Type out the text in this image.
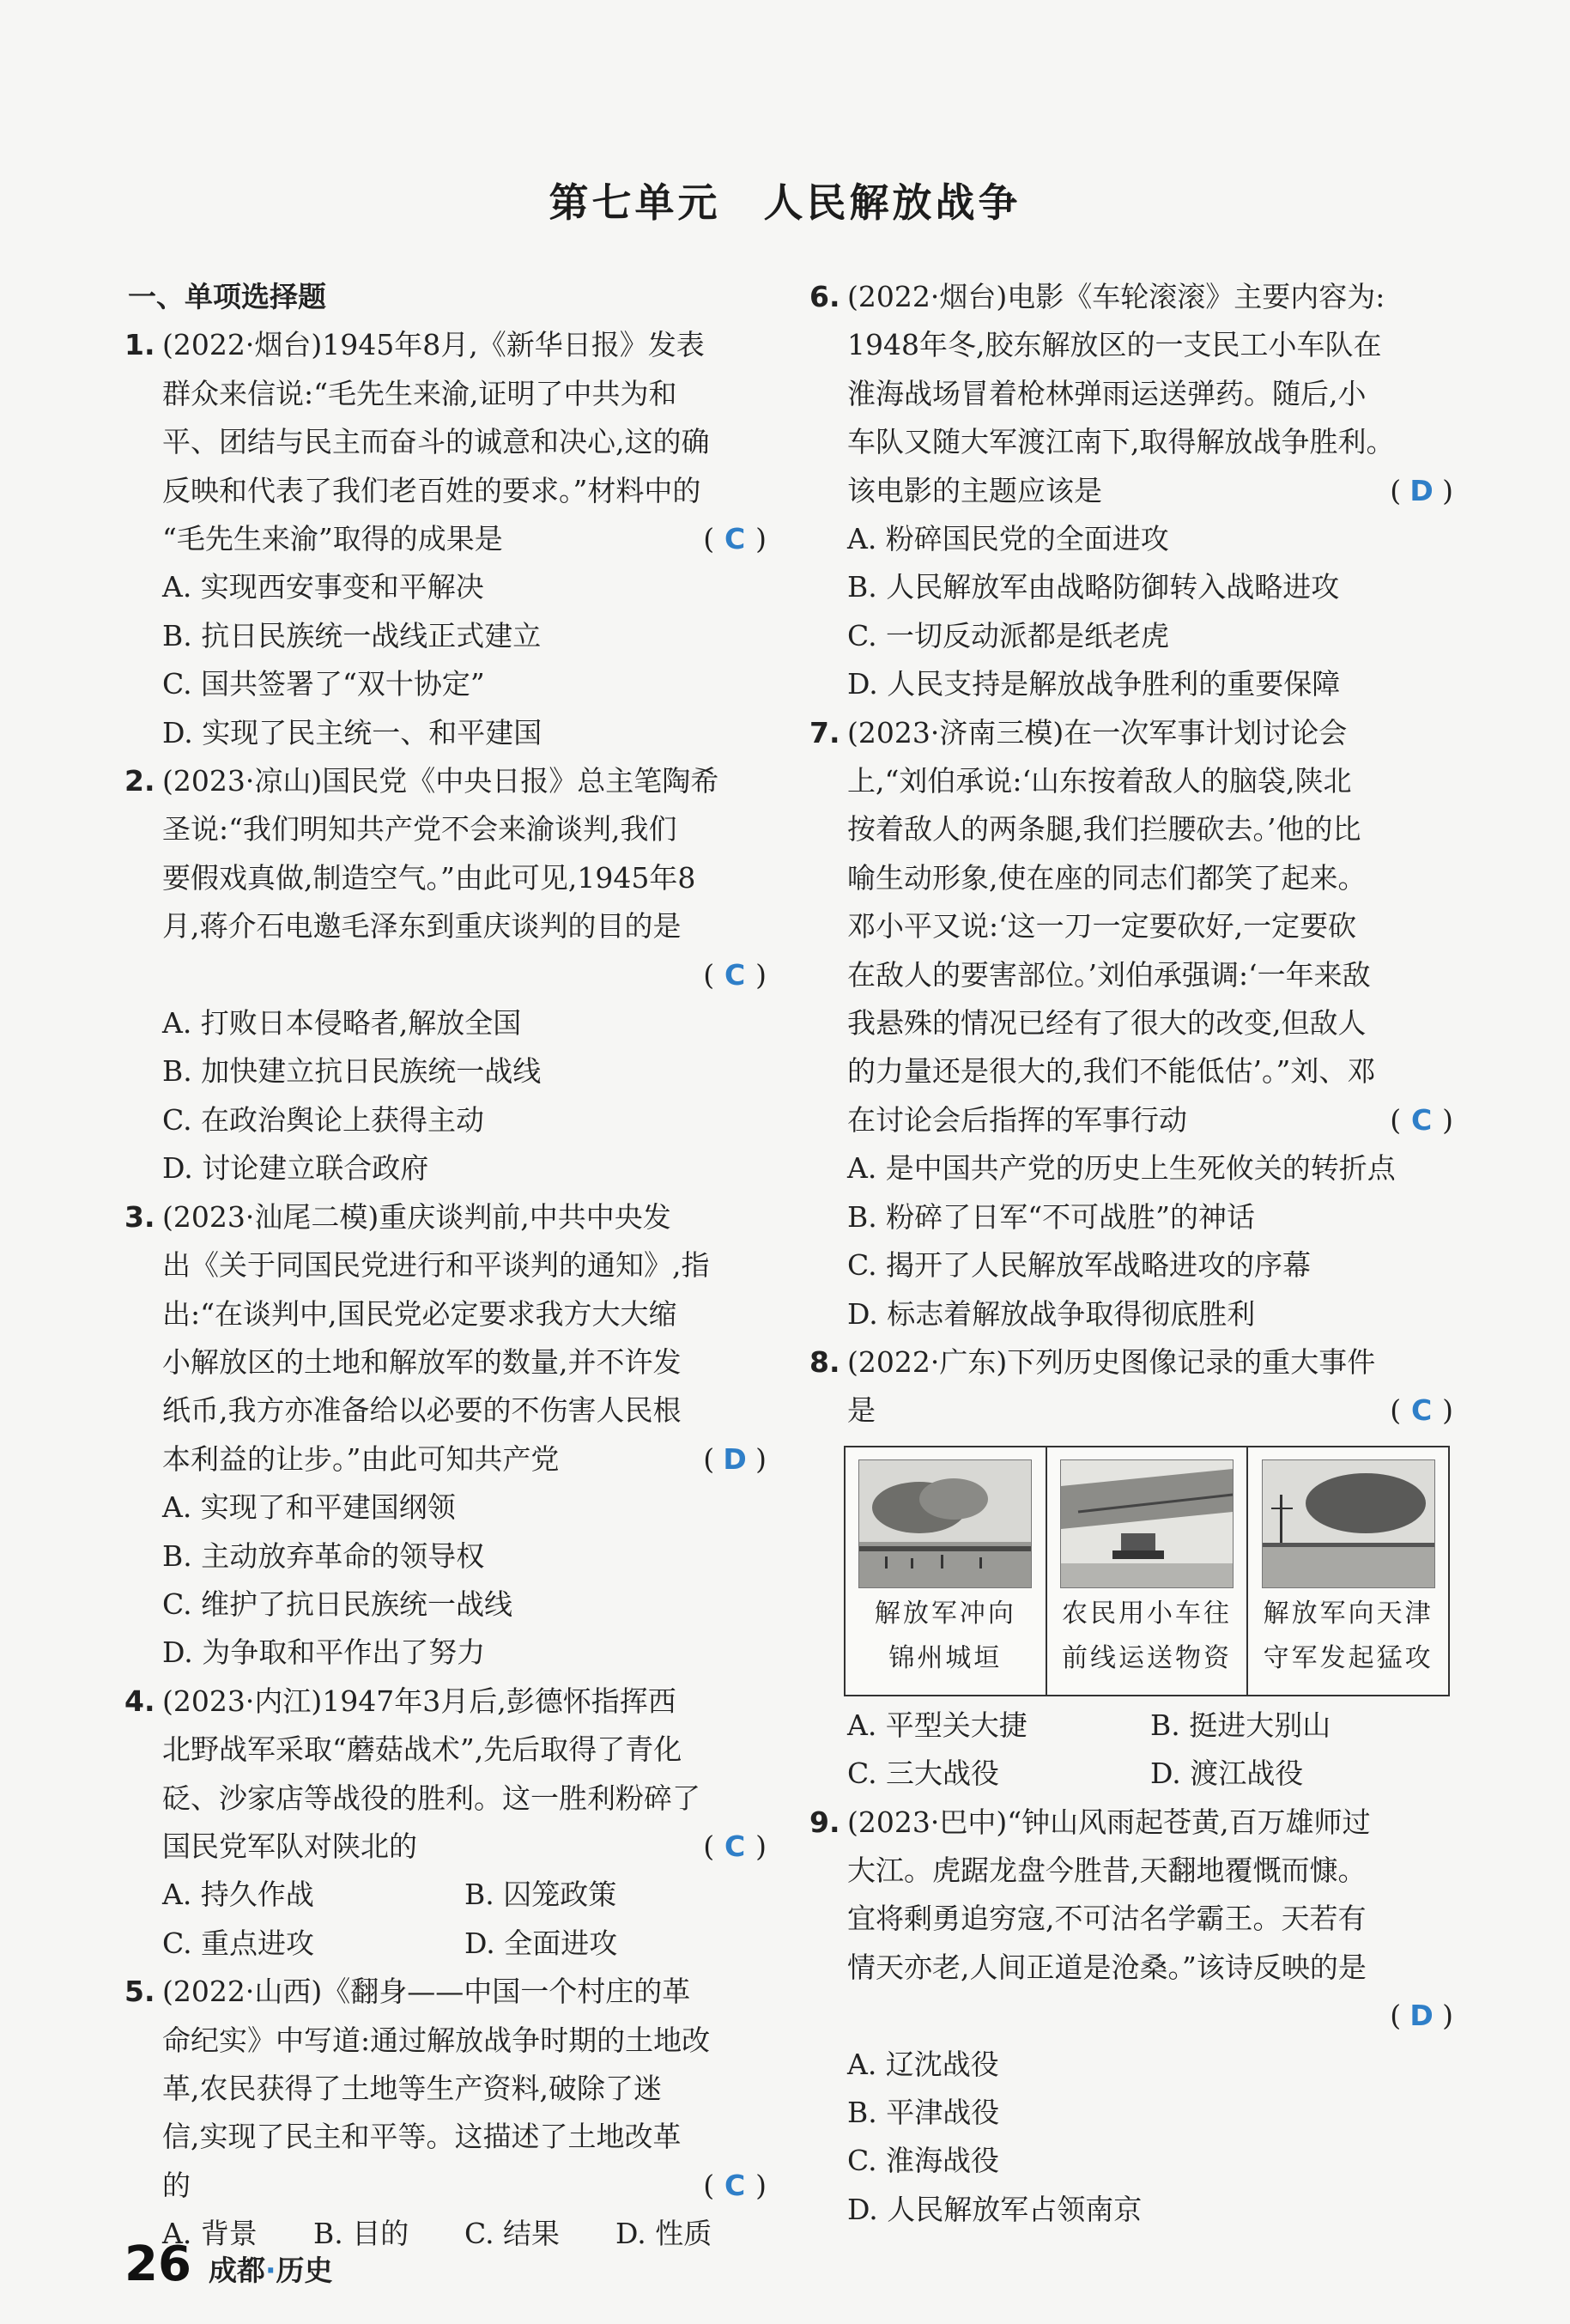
第七单元　人民解放战争
一、单项选择题
1. (2022·烟台)1945年8月,《新华日报》发表
群众来信说:“毛先生来渝,证明了中共为和
平、团结与民主而奋斗的诚意和决心,这的确
反映和代表了我们老百姓的要求。”材料中的
“毛先生来渝”取得的成果是	( C )
A. 实现西安事变和平解决
B. 抗日民族统一战线正式建立
C. 国共签署了“双十协定”
D. 实现了民主统一、和平建国
2. (2023·凉山)国民党《中央日报》总主笔陶希
圣说:“我们明知共产党不会来渝谈判,我们
要假戏真做,制造空气。”由此可见,1945年8
月,蒋介石电邀毛泽东到重庆谈判的目的是
( C )
A. 打败日本侵略者,解放全国
B. 加快建立抗日民族统一战线
C. 在政治舆论上获得主动
D. 讨论建立联合政府
3. (2023·汕尾二模)重庆谈判前,中共中央发
出《关于同国民党进行和平谈判的通知》,指
出:“在谈判中,国民党必定要求我方大大缩
小解放区的土地和解放军的数量,并不许发
纸币,我方亦准备给以必要的不伤害人民根
本利益的让步。”由此可知共产党	( D )
A. 实现了和平建国纲领
B. 主动放弃革命的领导权
C. 维护了抗日民族统一战线
D. 为争取和平作出了努力
4. (2023·内江)1947年3月后,彭德怀指挥西
北野战军采取“蘑菇战术”,先后取得了青化
砭、沙家店等战役的胜利。这一胜利粉碎了
国民党军队对陕北的	( C )
A. 持久作战	B. 囚笼政策
C. 重点进攻	D. 全面进攻
5. (2022·山西)《翻身——中国一个村庄的革
命纪实》中写道:通过解放战争时期的土地改
革,农民获得了土地等生产资料,破除了迷
信,实现了民主和平等。这描述了土地改革
的	( C )
A. 背景	B. 目的	C. 结果	D. 性质
6. (2022·烟台)电影《车轮滚滚》主要内容为:
1948年冬,胶东解放区的一支民工小车队在
淮海战场冒着枪林弹雨运送弹药。随后,小
车队又随大军渡江南下,取得解放战争胜利。
该电影的主题应该是	( D )
A. 粉碎国民党的全面进攻
B. 人民解放军由战略防御转入战略进攻
C. 一切反动派都是纸老虎
D. 人民支持是解放战争胜利的重要保障
7. (2023·济南三模)在一次军事计划讨论会
上,“刘伯承说:‘山东按着敌人的脑袋,陕北
按着敌人的两条腿,我们拦腰砍去。’他的比
喻生动形象,使在座的同志们都笑了起来。
邓小平又说:‘这一刀一定要砍好,一定要砍
在敌人的要害部位。’刘伯承强调:‘一年来敌
我悬殊的情况已经有了很大的改变,但敌人
的力量还是很大的,我们不能低估’。”刘、邓
在讨论会后指挥的军事行动	( C )
A. 是中国共产党的历史上生死攸关的转折点
B. 粉碎了日军“不可战胜”的神话
C. 揭开了人民解放军战略进攻的序幕
D. 标志着解放战争取得彻底胜利
8. (2022·广东)下列历史图像记录的重大事件
是	( C )
解放军冲向
锦州城垣
农民用小车往
前线运送物资
解放军向天津
守军发起猛攻
A. 平型关大捷	B. 挺进大别山
C. 三大战役	D. 渡江战役
9. (2023·巴中)“钟山风雨起苍黄,百万雄师过
大江。虎踞龙盘今胜昔,天翻地覆慨而慷。
宜将剩勇追穷寇,不可沽名学霸王。天若有
情天亦老,人间正道是沧桑。”该诗反映的是
( D )
A. 辽沈战役
B. 平津战役
C. 淮海战役
D. 人民解放军占领南京
26 成都·历史
